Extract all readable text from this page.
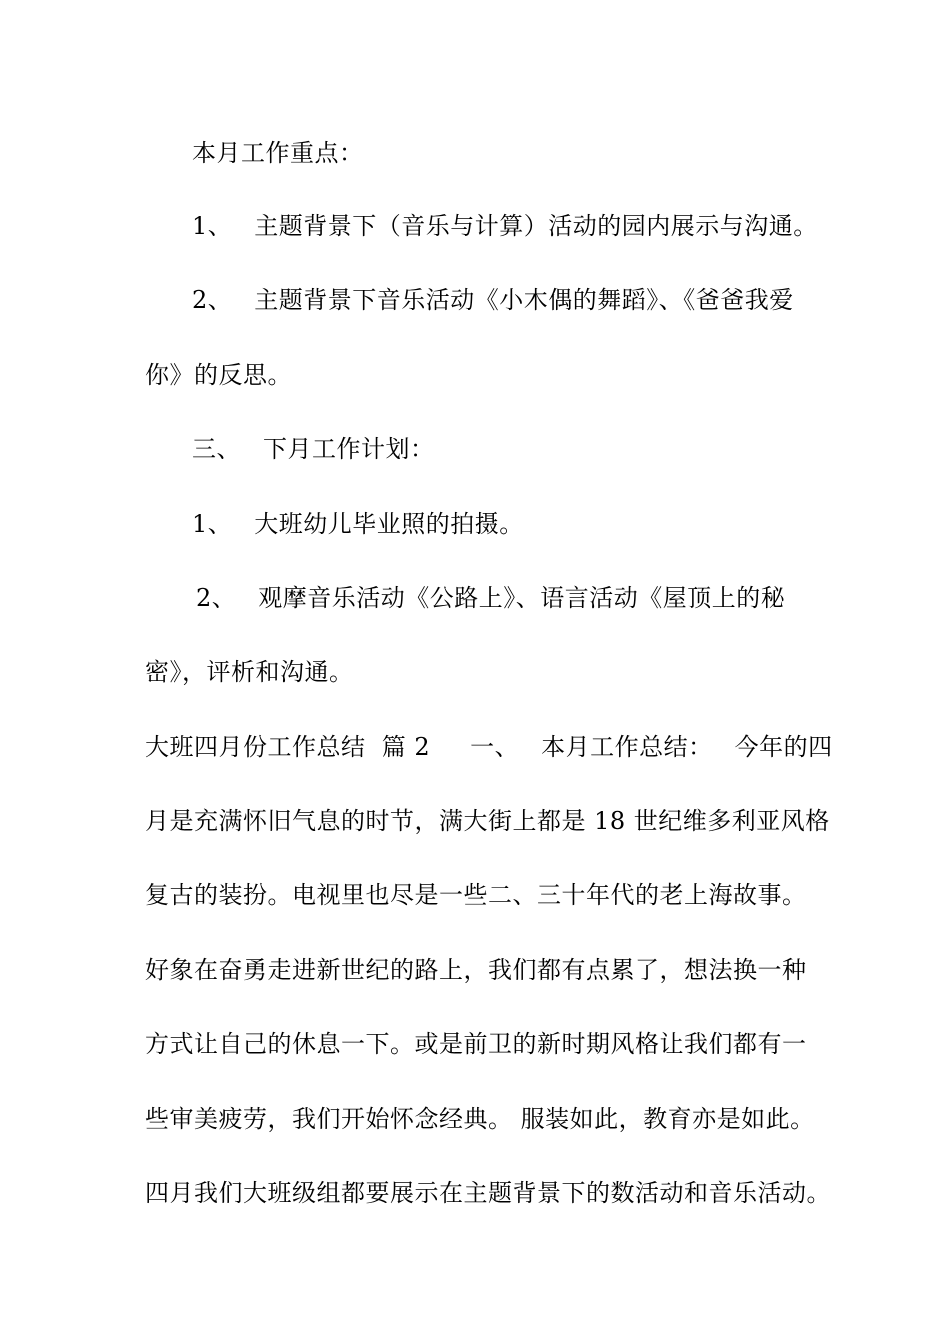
本月工作重点：
1、 主题背景下（音乐与计算）活动的园内展示与沟通。
2、 主题背景下音乐活动《小木偶的舞蹈》、《爸爸我爱
你》的反思。
三、 下月工作计划：
1、 大班幼儿毕业照的拍摄。
2、 观摩音乐活动《公路上》、语言活动《屋顶上的秘
密》，评析和沟通。
大班四月份工作总结  篇 2 一、 本月工作总结： 今年的四
月是充满怀旧气息的时节，满大街上都是 18 世纪维多利亚风格
复古的装扮。电视里也尽是一些二、三十年代的老上海故事。
好象在奋勇走进新世纪的路上，我们都有点累了，想法换一种
方式让自己的休息一下。或是前卫的新时期风格让我们都有一
些审美疲劳，我们开始怀念经典。 服装如此，教育亦是如此。
四月我们大班级组都要展示在主题背景下的数活动和音乐活动。
